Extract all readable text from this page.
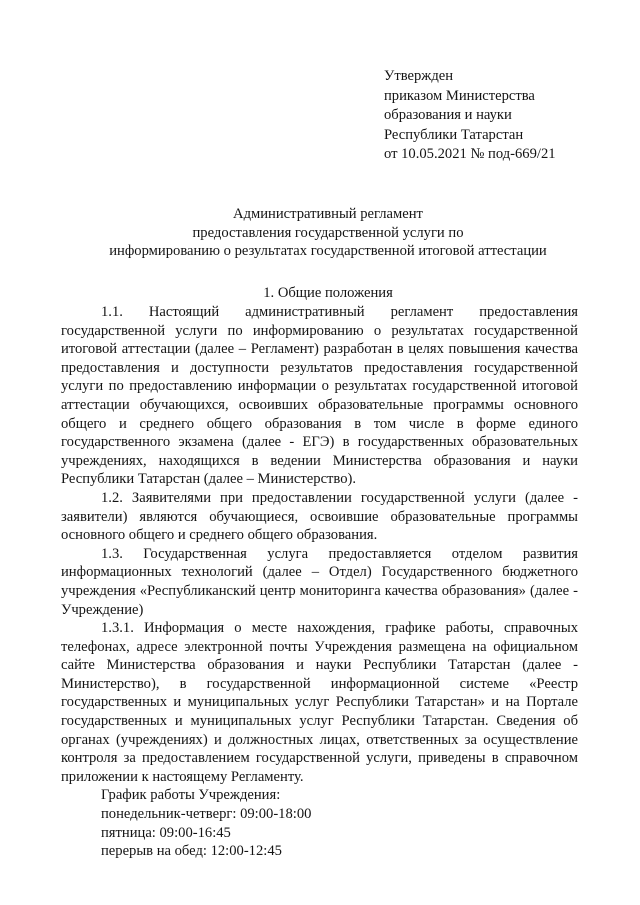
Утвержден
приказом Министерства
образования и науки
Республики Татарстан
от 10.05.2021 № под-669/21
Административный регламент
предоставления государственной услуги по
информированию о результатах государственной итоговой аттестации
1. Общие положения

1.1. Настоящий административный регламент предоставления государственной услуги по информированию о результатах государственной итоговой аттестации (далее – Регламент) разработан в целях повышения качества предоставления и доступности результатов предоставления государственной услуги по предоставлению информации о результатах государственной итоговой аттестации обучающихся, освоивших образовательные программы основного общего и среднего общего образования в том числе в форме единого государственного экзамена (далее - ЕГЭ) в государственных образовательных учреждениях, находящихся в ведении Министерства образования и науки Республики Татарстан (далее – Министерство).

1.2. Заявителями при предоставлении государственной услуги (далее - заявители) являются обучающиеся, освоившие образовательные программы основного общего и среднего общего образования.

1.3. Государственная услуга предоставляется отделом развития информационных технологий (далее – Отдел) Государственного бюджетного учреждения «Республиканский центр мониторинга качества образования» (далее - Учреждение)

1.3.1. Информация о месте нахождения, графике работы, справочных телефонах, адресе электронной почты Учреждения размещена на официальном сайте Министерства образования и науки Республики Татарстан (далее - Министерство), в государственной информационной системе «Реестр государственных и муниципальных услуг Республики Татарстан» и на Портале государственных и муниципальных услуг Республики Татарстан. Сведения об органах (учреждениях) и должностных лицах, ответственных за осуществление контроля за предоставлением государственной услуги, приведены в справочном приложении к настоящему Регламенту.

График работы Учреждения:

понедельник-четверг: 09:00-18:00

пятница: 09:00-16:45

перерыв на обед: 12:00-12:45
